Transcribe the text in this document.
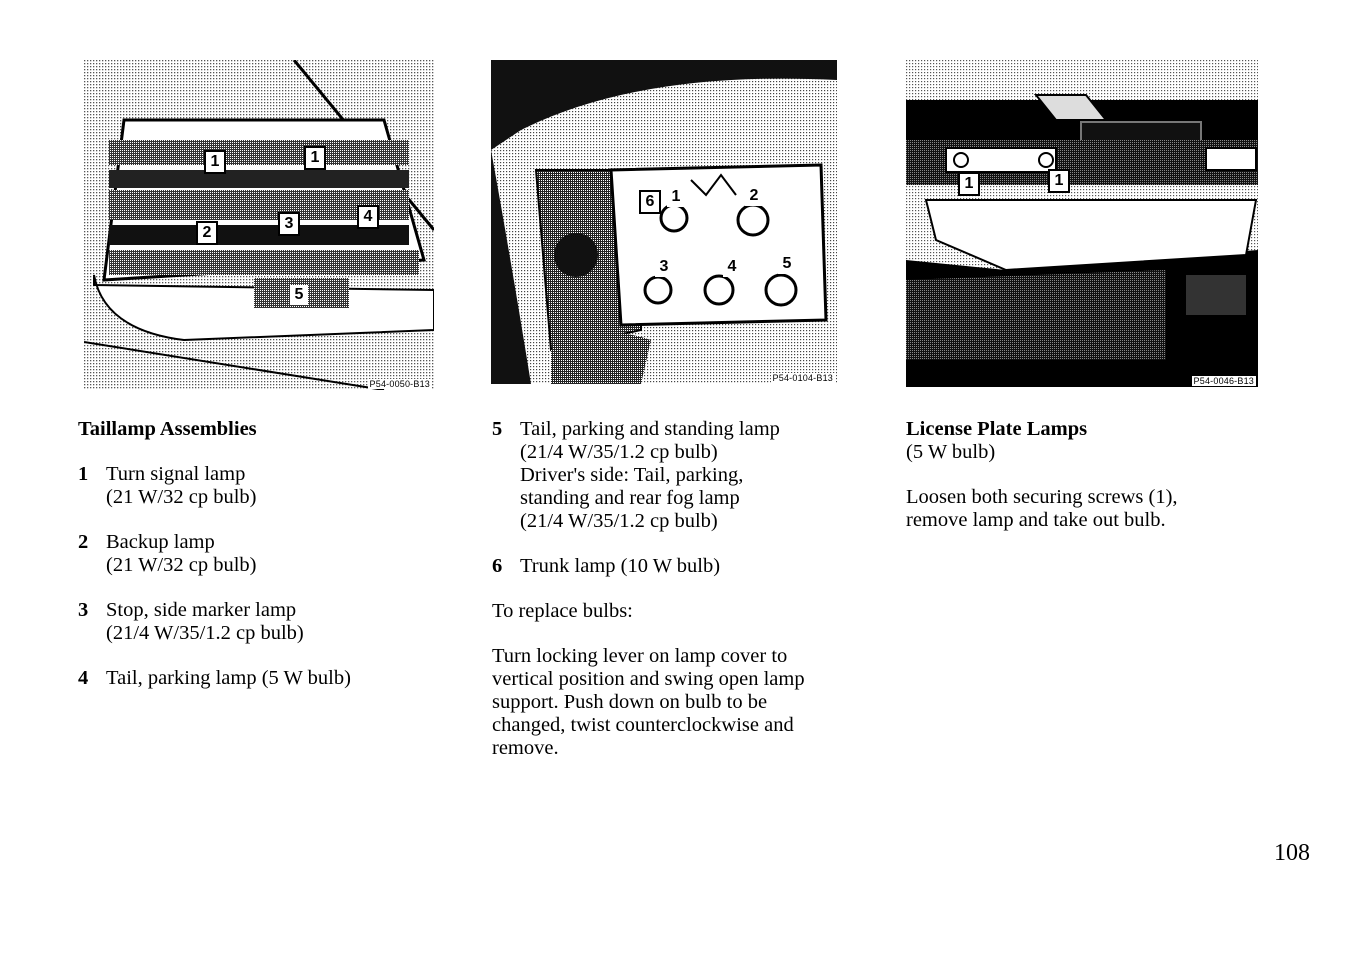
1	1
2
3	4
5
P54-0050-B13
6	1	2
3	4	5
P54-0104-B13
1	1
P54-0046-B13
Taillamp Assemblies
1 Turn signal lamp
(21 W/32 cp bulb)
2 Backup lamp
(21 W/32 cp bulb)
3 Stop, side marker lamp
(21/4 W/35/1.2 cp bulb)
4 Tail, parking lamp (5 W bulb)
5 Tail, parking and standing lamp
(21/4 W/35/1.2 cp bulb)
Driver's side: Tail, parking,
standing and rear fog lamp
(21/4 W/35/1.2 cp bulb)
6 Trunk lamp (10 W bulb)
To replace bulbs:
Turn locking lever on lamp cover to
vertical position and swing open lamp
support. Push down on bulb to be
changed, twist counterclockwise and
remove.
License Plate Lamps
(5 W bulb)
Loosen both securing screws (1),
remove lamp and take out bulb.
108
